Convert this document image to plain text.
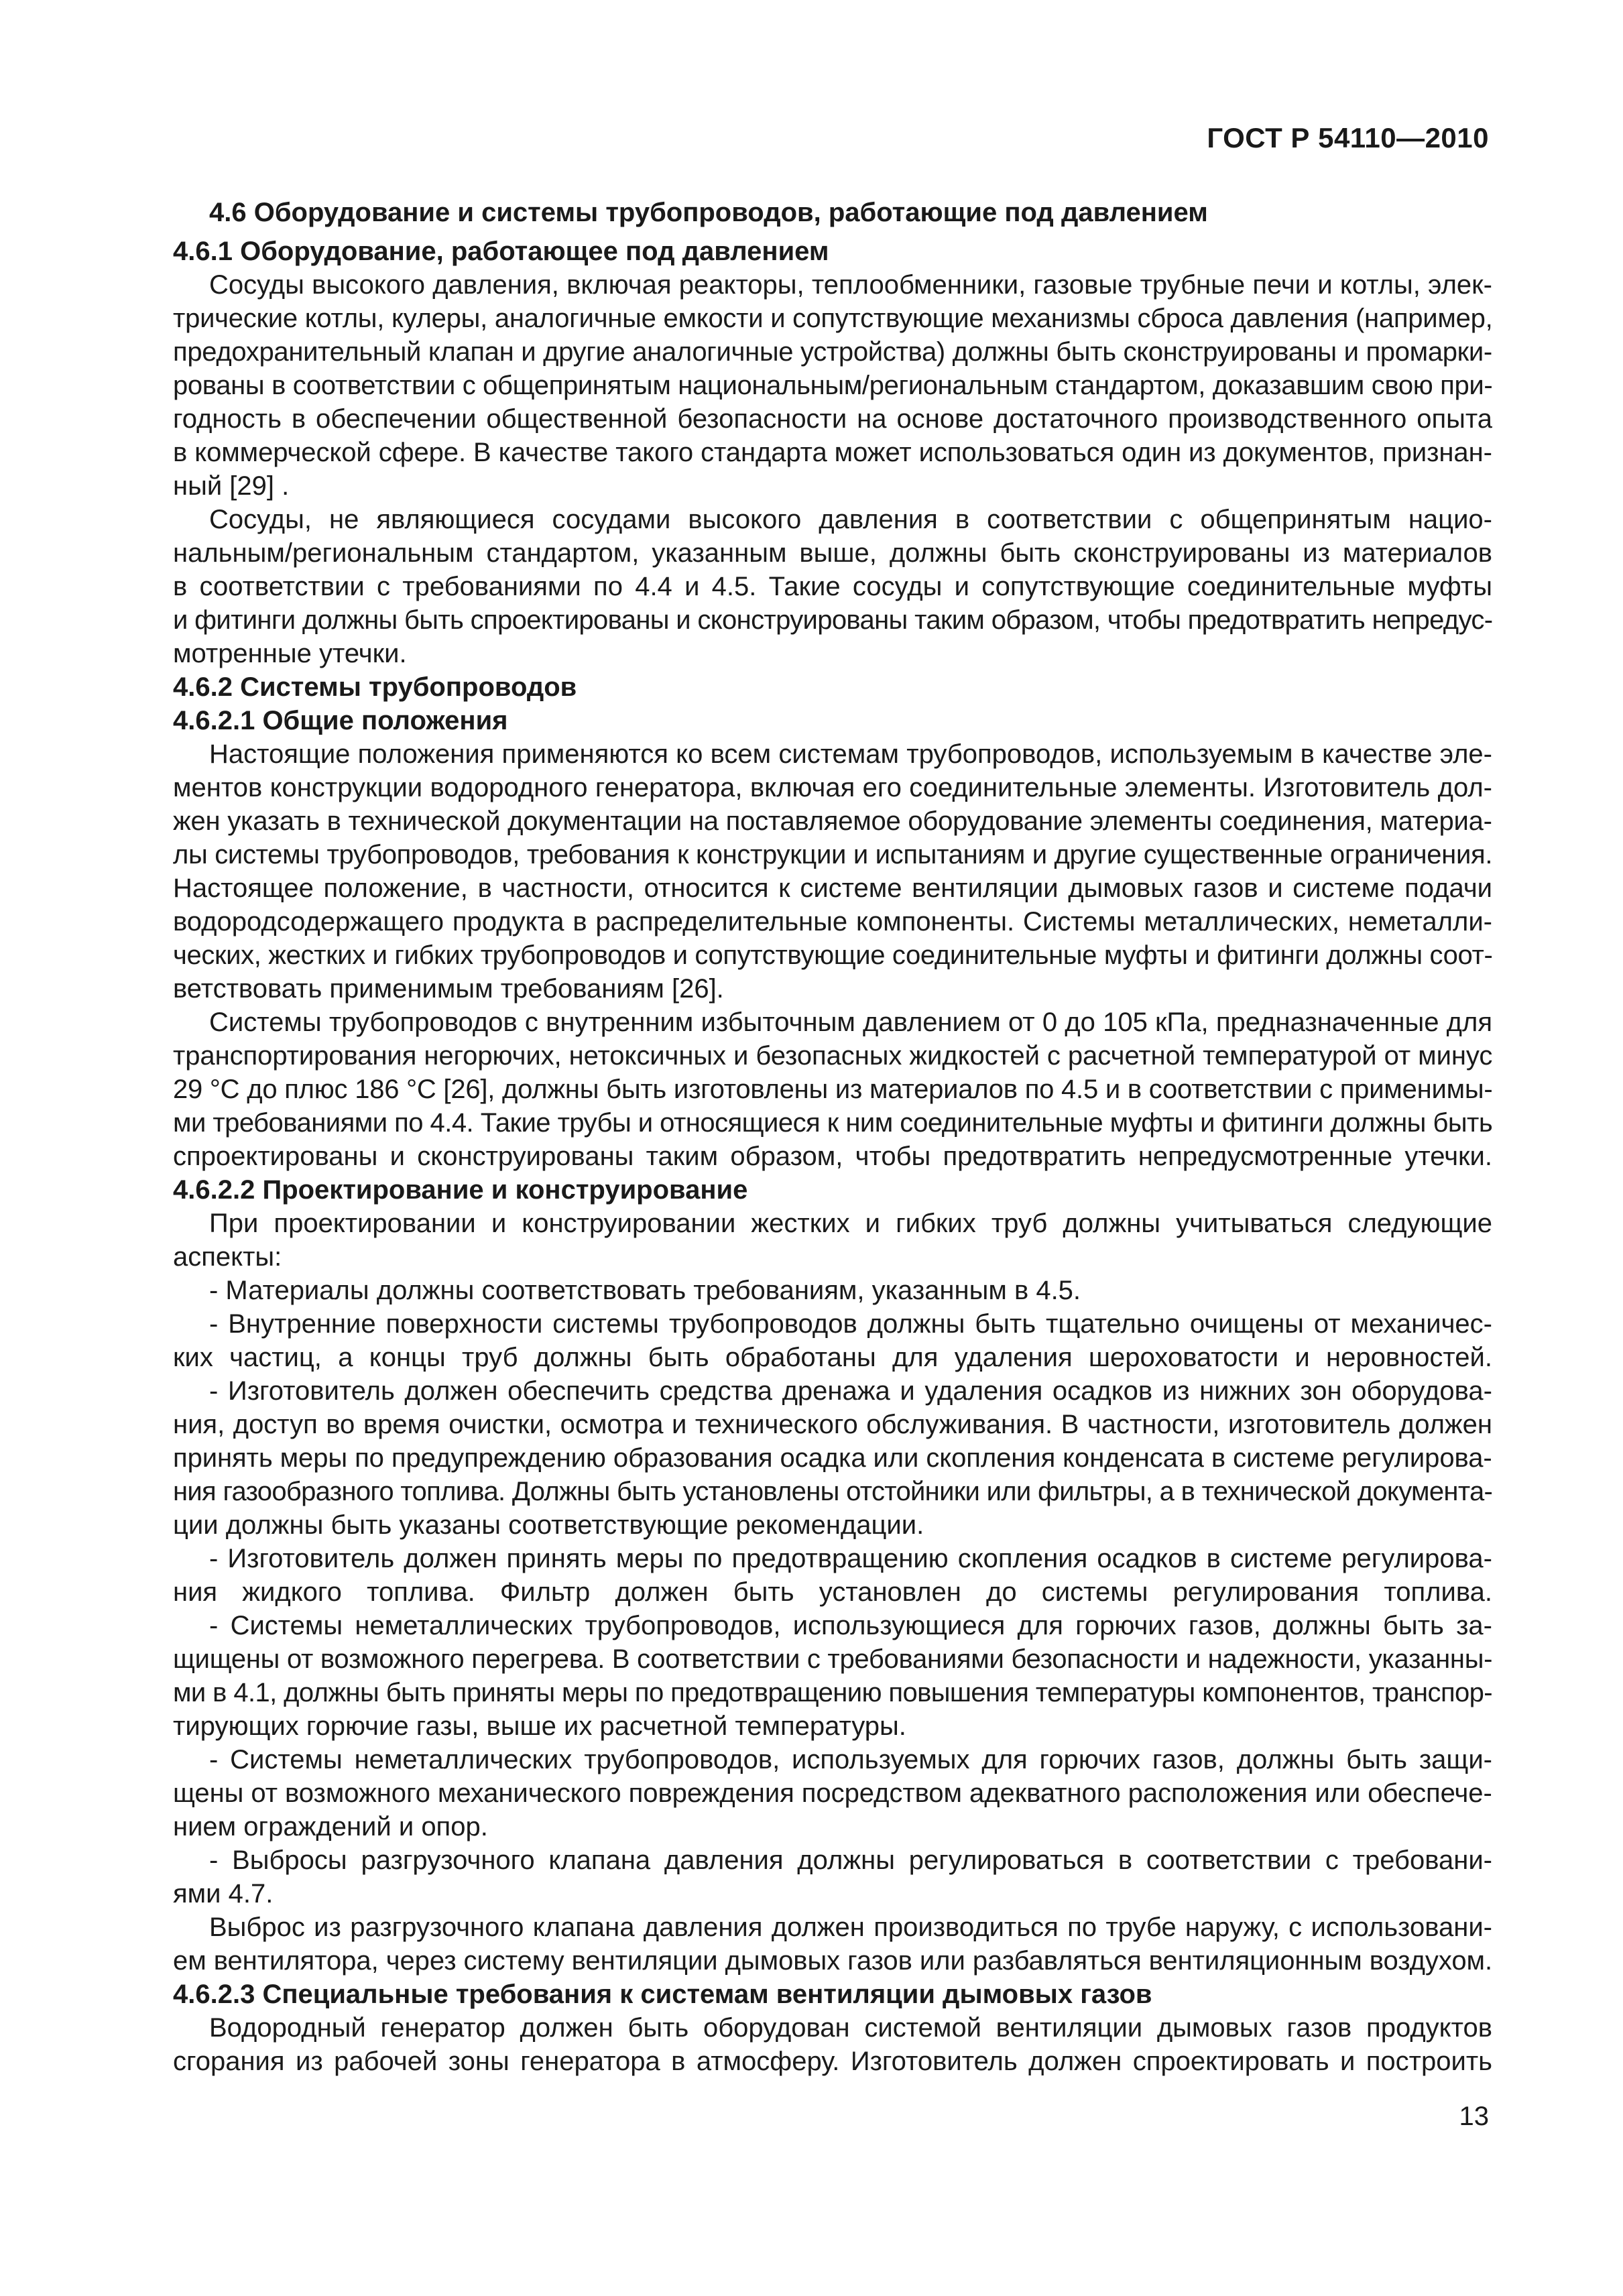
ГОСТ Р 54110—2010
4.6 Оборудование и системы трубопроводов, работающие под давлением
4.6.1 Оборудование, работающее под давлением
Сосуды высокого давления, включая реакторы, теплообменники, газовые трубные печи и котлы, элек-
трические котлы, кулеры, аналогичные емкости и сопутствующие механизмы сброса давления (например,
предохранительный клапан и другие аналогичные устройства) должны быть сконструированы и промарки-
рованы в соответствии с общепринятым национальным/региональным стандартом, доказавшим свою при-
годность в обеспечении общественной безопасности на основе достаточного производственного опыта
в коммерческой сфере. В качестве такого стандарта может использоваться один из документов, признан-
ный [29] .
Сосуды, не являющиеся сосудами высокого давления в соответствии с общепринятым нацио-
нальным/региональным стандартом, указанным выше, должны быть сконструированы из материалов
в соответствии с требованиями по 4.4 и 4.5. Такие сосуды и сопутствующие соединительные муфты
и фитинги должны быть спроектированы и сконструированы таким образом, чтобы предотвратить непредус-
мотренные утечки.
4.6.2 Системы трубопроводов
4.6.2.1 Общие положения
Настоящие положения применяются ко всем системам трубопроводов, используемым в качестве эле-
ментов конструкции водородного генератора, включая его соединительные элементы. Изготовитель дол-
жен указать в технической документации на поставляемое оборудование элементы соединения, материа-
лы системы трубопроводов, требования к конструкции и испытаниям и другие существенные ограничения.
Настоящее положение, в частности, относится к системе вентиляции дымовых газов и системе подачи
водородсодержащего продукта в распределительные компоненты. Системы металлических, неметалли-
ческих, жестких и гибких трубопроводов и сопутствующие соединительные муфты и фитинги должны соот-
ветствовать применимым требованиям [26].
Системы трубопроводов с внутренним избыточным давлением от 0 до 105 кПа, предназначенные для
транспортирования негорючих, нетоксичных и безопасных жидкостей с расчетной температурой от минус
29 °С до плюс 186 °С [26], должны быть изготовлены из материалов по 4.5 и в соответствии с применимы-
ми требованиями по 4.4. Такие трубы и относящиеся к ним соединительные муфты и фитинги должны быть
спроектированы и сконструированы таким образом, чтобы предотвратить непредусмотренные утечки.
4.6.2.2 Проектирование и конструирование
При проектировании и конструировании жестких и гибких труб должны учитываться следующие
аспекты:
- Материалы должны соответствовать требованиям, указанным в 4.5.
- Внутренние поверхности системы трубопроводов должны быть тщательно очищены от механичес-
ких частиц, а концы труб должны быть обработаны для удаления шероховатости и неровностей.
- Изготовитель должен обеспечить средства дренажа и удаления осадков из нижних зон оборудова-
ния, доступ во время очистки, осмотра и технического обслуживания. В частности, изготовитель должен
принять меры по предупреждению образования осадка или скопления конденсата в системе регулирова-
ния газообразного топлива. Должны быть установлены отстойники или фильтры, а в технической документа-
ции должны быть указаны соответствующие рекомендации.
- Изготовитель должен принять меры по предотвращению скопления осадков в системе регулирова-
ния жидкого топлива. Фильтр должен быть установлен до системы регулирования топлива.
- Системы неметаллических трубопроводов, использующиеся для горючих газов, должны быть за-
щищены от возможного перегрева. В соответствии с требованиями безопасности и надежности, указанны-
ми в 4.1, должны быть приняты меры по предотвращению повышения температуры компонентов, транспор-
тирующих горючие газы, выше их расчетной температуры.
- Системы неметаллических трубопроводов, используемых для горючих газов, должны быть защи-
щены от возможного механического повреждения посредством адекватного расположения или обеспече-
нием ограждений и опор.
- Выбросы разгрузочного клапана давления должны регулироваться в соответствии с требовани-
ями 4.7.
Выброс из разгрузочного клапана давления должен производиться по трубе наружу, с использовани-
ем вентилятора, через систему вентиляции дымовых газов или разбавляться вентиляционным воздухом.
4.6.2.3 Специальные требования к системам вентиляции дымовых газов
Водородный генератор должен быть оборудован системой вентиляции дымовых газов продуктов
сгорания из рабочей зоны генератора в атмосферу. Изготовитель должен спроектировать и построить
13
